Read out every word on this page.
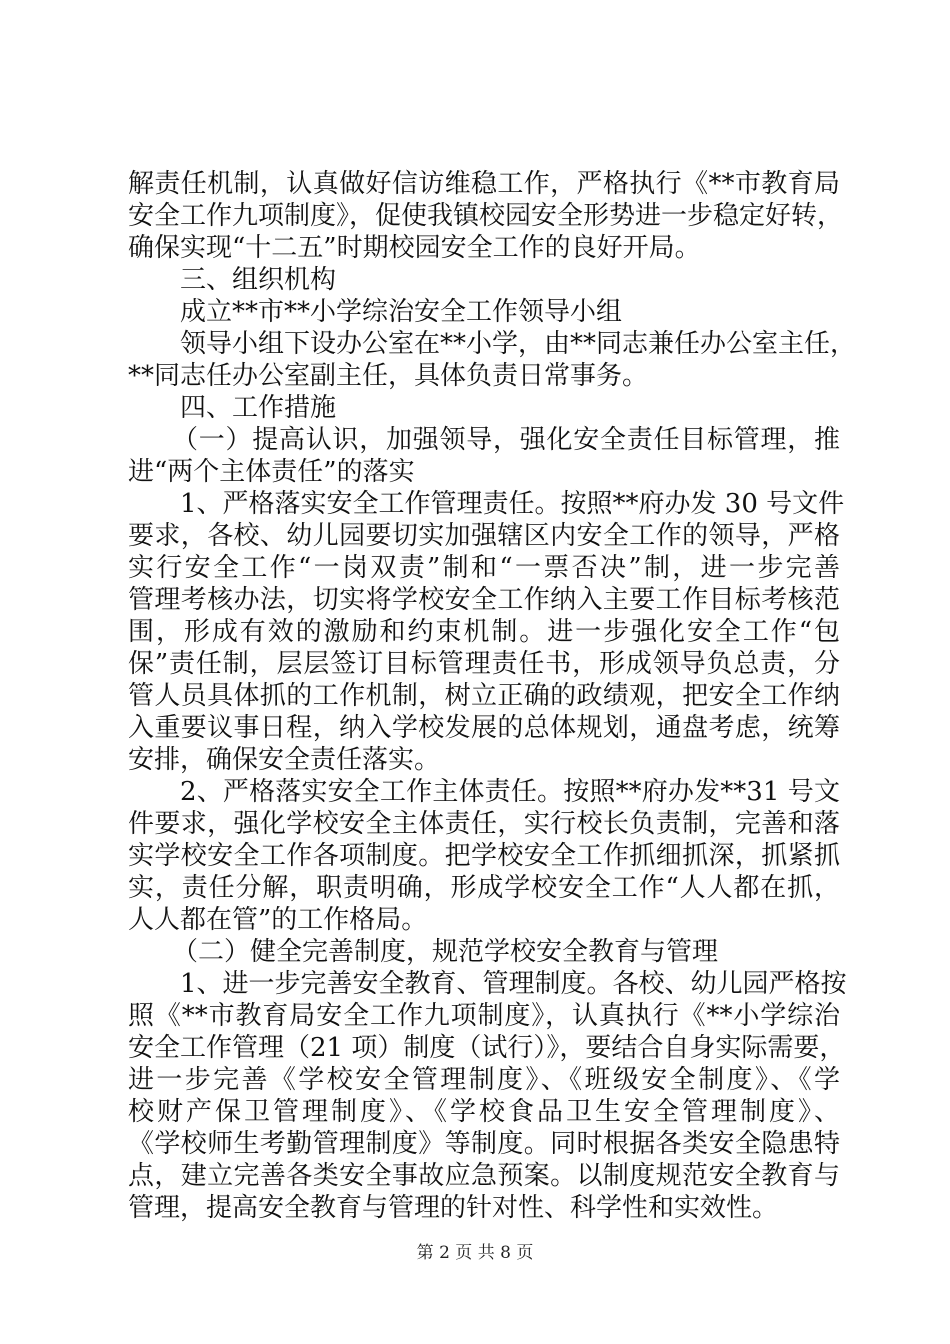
解责任机制，认真做好信访维稳工作，严格执行《**市教育局

安全工作九项制度》，促使我镇校园安全形势进一步稳定好转，

确保实现“十二五”时期校园安全工作的良好开局。

三、组织机构

成立**市**小学综治安全工作领导小组

领导小组下设办公室在**小学，由**同志兼任办公室主任，

**同志任办公室副主任，具体负责日常事务。

四、工作措施

（一）提高认识，加强领导，强化安全责任目标管理，推

进“两个主体责任”的落实

1、严格落实安全工作管理责任。按照**府办发 30 号文件

要求，各校、幼儿园要切实加强辖区内安全工作的领导，严格

实行安全工作“一岗双责”制和“一票否决”制，进一步完善

管理考核办法，切实将学校安全工作纳入主要工作目标考核范

围，形成有效的激励和约束机制。进一步强化安全工作“包

保”责任制，层层签订目标管理责任书，形成领导负总责，分

管人员具体抓的工作机制，树立正确的政绩观，把安全工作纳

入重要议事日程，纳入学校发展的总体规划，通盘考虑，统筹

安排，确保安全责任落实。

2、严格落实安全工作主体责任。按照**府办发**31 号文

件要求，强化学校安全主体责任，实行校长负责制，完善和落

实学校安全工作各项制度。把学校安全工作抓细抓深，抓紧抓

实，责任分解，职责明确，形成学校安全工作“人人都在抓，

人人都在管”的工作格局。

（二）健全完善制度，规范学校安全教育与管理

1、进一步完善安全教育、管理制度。各校、幼儿园严格按

照《**市教育局安全工作九项制度》，认真执行《**小学综治

安全工作管理（21 项）制度（试行）》，要结合自身实际需要，

进一步完善《学校安全管理制度》、《班级安全制度》、《学

校财产保卫管理制度》、《学校食品卫生安全管理制度》、

《学校师生考勤管理制度》等制度。同时根据各类安全隐患特

点，建立完善各类安全事故应急预案。以制度规范安全教育与

管理，提高安全教育与管理的针对性、科学性和实效性。

第 2 页 共 8 页
